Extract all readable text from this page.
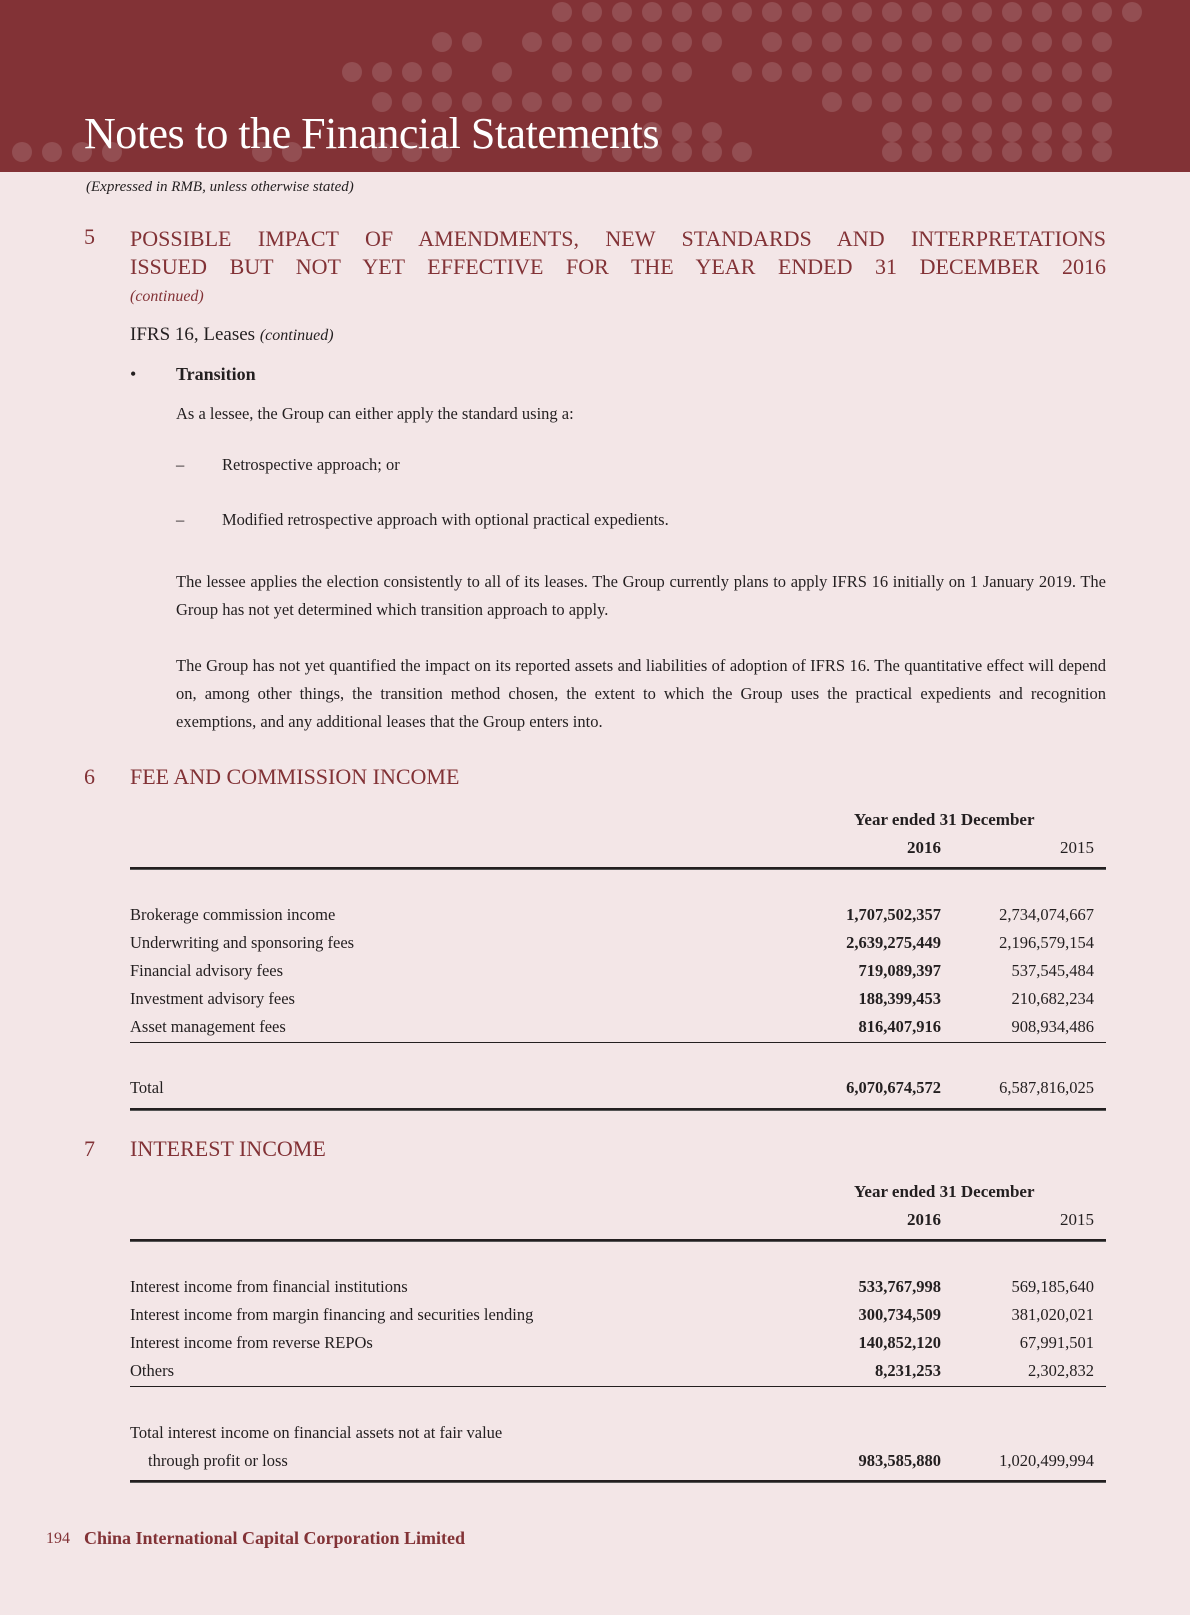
Notes to the Financial Statements
(Expressed in RMB, unless otherwise stated)
5 POSSIBLE IMPACT OF AMENDMENTS, NEW STANDARDS AND INTERPRETATIONS
ISSUED BUT NOT YET EFFECTIVE FOR THE YEAR ENDED 31 DECEMBER 2016
(continued)
IFRS 16, Leases (continued)
• Transition
As a lessee, the Group can either apply the standard using a:
– Retrospective approach; or
– Modified retrospective approach with optional practical expedients.
The lessee applies the election consistently to all of its leases. The Group currently plans to apply IFRS 16 initially on 1 January 2019. The Group has not yet determined which transition approach to apply.
The Group has not yet quantified the impact on its reported assets and liabilities of adoption of IFRS 16. The quantitative effect will depend on, among other things, the transition method chosen, the extent to which the Group uses the practical expedients and recognition exemptions, and any additional leases that the Group enters into.
6 FEE AND COMMISSION INCOME
Year ended 31 December
2016	2015
Brokerage commission income	1,707,502,357	2,734,074,667
Underwriting and sponsoring fees	2,639,275,449	2,196,579,154
Financial advisory fees	719,089,397	537,545,484
Investment advisory fees	188,399,453	210,682,234
Asset management fees	816,407,916	908,934,486
Total	6,070,674,572	6,587,816,025
7 INTEREST INCOME
Year ended 31 December
2016	2015
Interest income from financial institutions	533,767,998	569,185,640
Interest income from margin financing and securities lending	300,734,509	381,020,021
Interest income from reverse REPOs	140,852,120	67,991,501
Others	8,231,253	2,302,832
Total interest income on financial assets not at fair value
through profit or loss	983,585,880	1,020,499,994
194 China International Capital Corporation Limited
